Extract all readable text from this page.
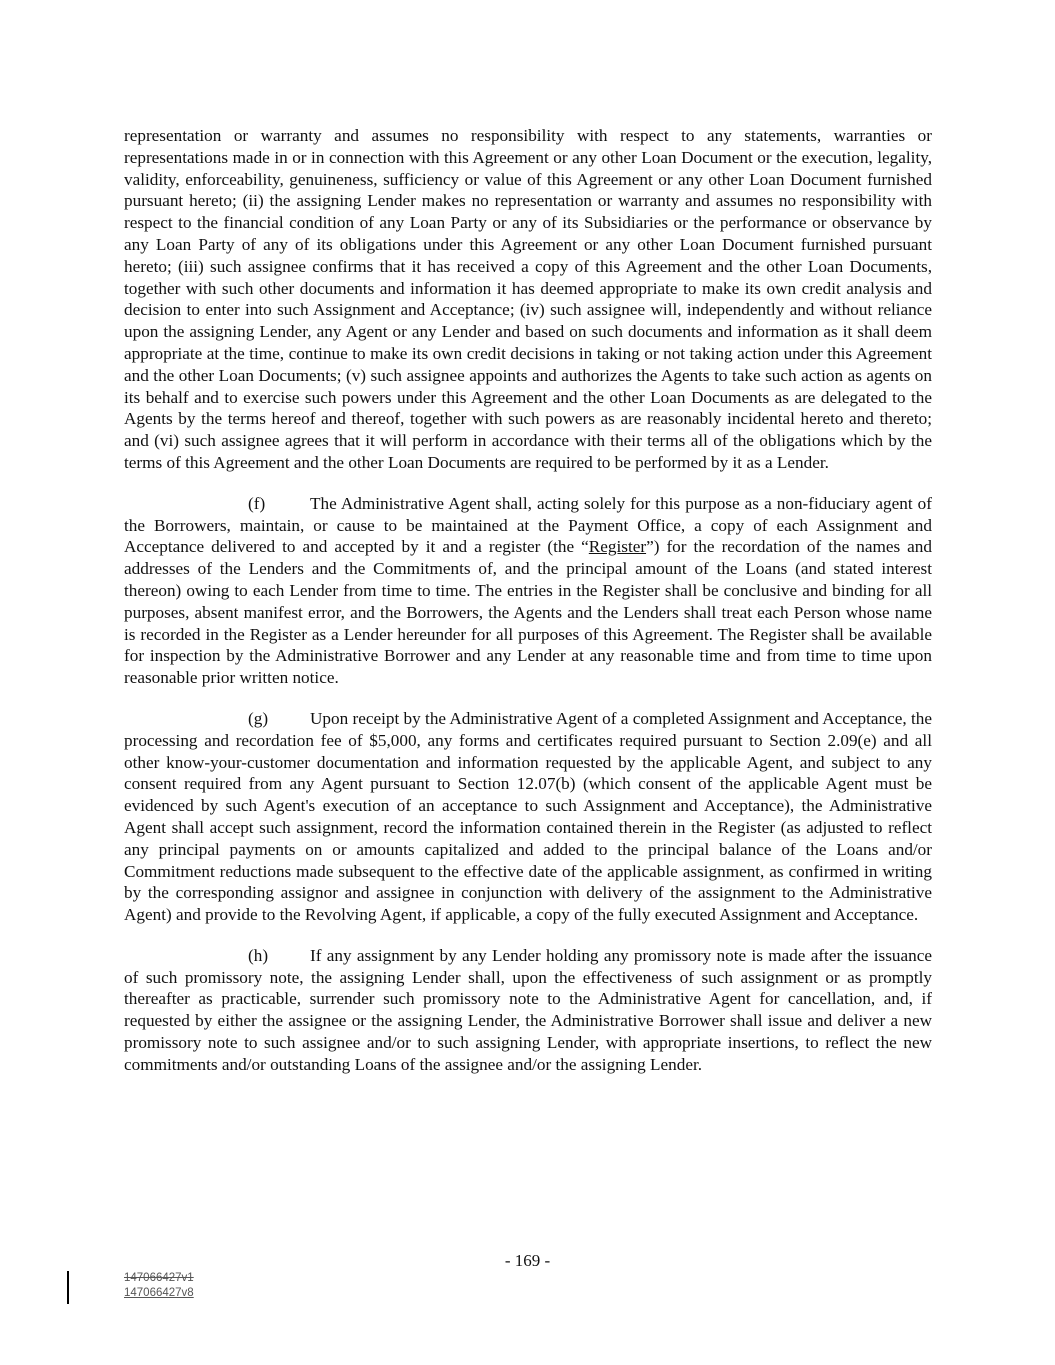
representation or warranty and assumes no responsibility with respect to any statements, warranties or representations made in or in connection with this Agreement or any other Loan Document or the execution, legality, validity, enforceability, genuineness, sufficiency or value of this Agreement or any other Loan Document furnished pursuant hereto; (ii) the assigning Lender makes no representation or warranty and assumes no responsibility with respect to the financial condition of any Loan Party or any of its Subsidiaries or the performance or observance by any Loan Party of any of its obligations under this Agreement or any other Loan Document furnished pursuant hereto; (iii) such assignee confirms that it has received a copy of this Agreement and the other Loan Documents, together with such other documents and information it has deemed appropriate to make its own credit analysis and decision to enter into such Assignment and Acceptance; (iv) such assignee will, independently and without reliance upon the assigning Lender, any Agent or any Lender and based on such documents and information as it shall deem appropriate at the time, continue to make its own credit decisions in taking or not taking action under this Agreement and the other Loan Documents; (v) such assignee appoints and authorizes the Agents to take such action as agents on its behalf and to exercise such powers under this Agreement and the other Loan Documents as are delegated to the Agents by the terms hereof and thereof, together with such powers as are reasonably incidental hereto and thereto; and (vi) such assignee agrees that it will perform in accordance with their terms all of the obligations which by the terms of this Agreement and the other Loan Documents are required to be performed by it as a Lender.

(f)	The Administrative Agent shall, acting solely for this purpose as a non-fiduciary agent of the Borrowers, maintain, or cause to be maintained at the Payment Office, a copy of each Assignment and Acceptance delivered to and accepted by it and a register (the “Register”) for the recordation of the names and addresses of the Lenders and the Commitments of, and the principal amount of the Loans (and stated interest thereon) owing to each Lender from time to time. The entries in the Register shall be conclusive and binding for all purposes, absent manifest error, and the Borrowers, the Agents and the Lenders shall treat each Person whose name is recorded in the Register as a Lender hereunder for all purposes of this Agreement. The Register shall be available for inspection by the Administrative Borrower and any Lender at any reasonable time and from time to time upon reasonable prior written notice.

(g) Upon receipt by the Administrative Agent of a completed Assignment and Acceptance, the processing and recordation fee of $5,000, any forms and certificates required pursuant to Section 2.09(e) and all other know-your-customer documentation and information requested by the applicable Agent, and subject to any consent required from any Agent pursuant to Section 12.07(b) (which consent of the applicable Agent must be evidenced by such Agent's execution of an acceptance to such Assignment and Acceptance), the Administrative Agent shall accept such assignment, record the information contained therein in the Register (as adjusted to reflect any principal payments on or amounts capitalized and added to the principal balance of the Loans and/or Commitment reductions made subsequent to the effective date of the applicable assignment, as confirmed in writing by the corresponding assignor and assignee in conjunction with delivery of the assignment to the Administrative Agent) and provide to the Revolving Agent, if applicable, a copy of the fully executed Assignment and Acceptance.

(h) If any assignment by any Lender holding any promissory note is made after the issuance of such promissory note, the assigning Lender shall, upon the effectiveness of such assignment or as promptly thereafter as practicable, surrender such promissory note to the Administrative Agent for cancellation, and, if requested by either the assignee or the assigning Lender, the Administrative Borrower shall issue and deliver a new promissory note to such assignee and/or to such assigning Lender, with appropriate insertions, to reflect the new commitments and/or outstanding Loans of the assignee and/or the assigning Lender.

- 169 -
147066427v1
147066427v8
